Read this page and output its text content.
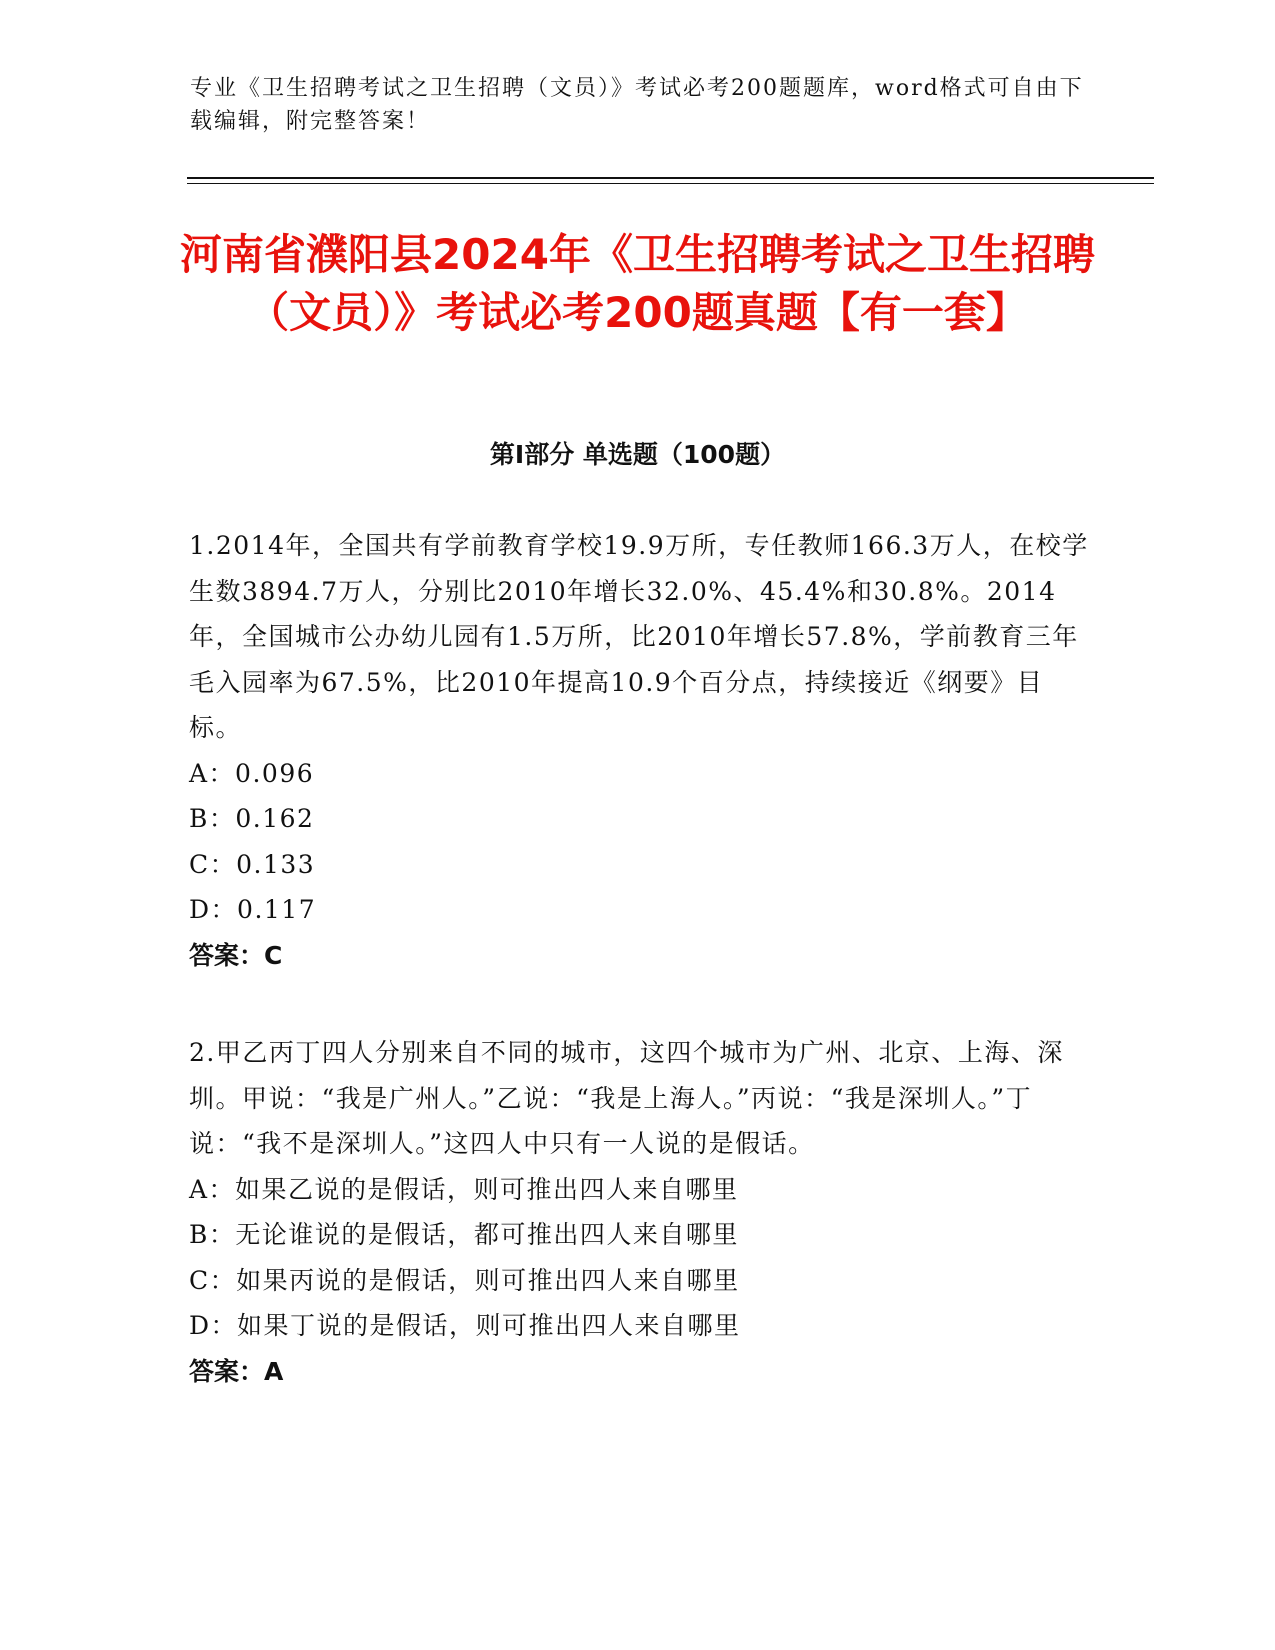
专业《卫生招聘考试之卫生招聘（文员）》考试必考200题题库，word格式可自由下载编辑，附完整答案！
河南省濮阳县2024年《卫生招聘考试之卫生招聘（文员）》考试必考200题真题【有一套】
第I部分 单选题（100题）
1.2014年，全国共有学前教育学校19.9万所，专任教师166.3万人，在校学生数3894.7万人，分别比2010年增长32.0%、45.4%和30.8%。2014年，全国城市公办幼儿园有1.5万所，比2010年增长57.8%，学前教育三年毛入园率为67.5%，比2010年提高10.9个百分点，持续接近《纲要》目标。
A：0.096
B：0.162
C：0.133
D：0.117
答案：C
2.甲乙丙丁四人分别来自不同的城市，这四个城市为广州、北京、上海、深圳。甲说：“我是广州人。”乙说：“我是上海人。”丙说：“我是深圳人。”丁说：“我不是深圳人。”这四人中只有一人说的是假话。
A：如果乙说的是假话，则可推出四人来自哪里
B：无论谁说的是假话，都可推出四人来自哪里
C：如果丙说的是假话，则可推出四人来自哪里
D：如果丁说的是假话，则可推出四人来自哪里
答案：A
